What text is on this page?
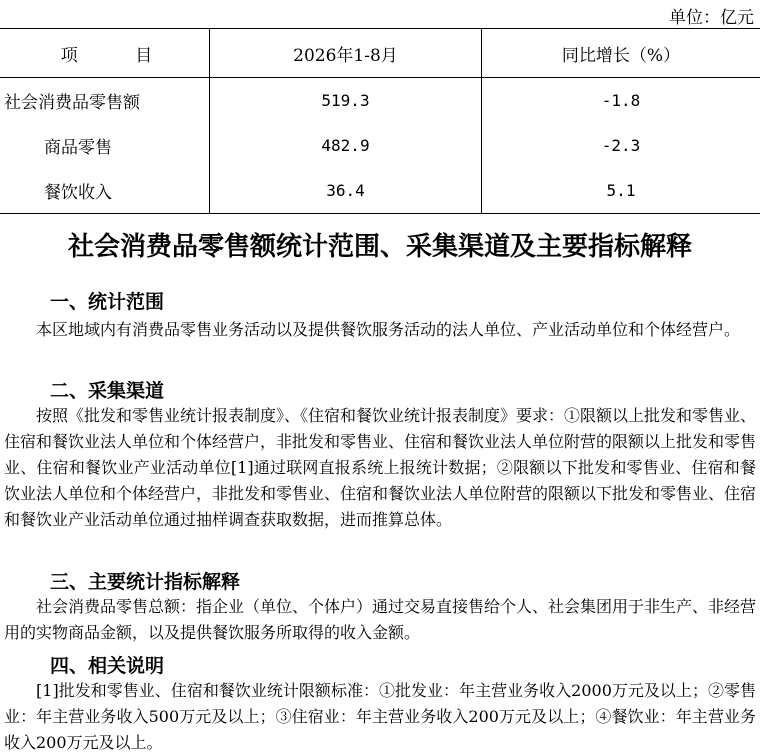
单位：亿元
项 目	2026年1-8月	同比增长（%）
社会消费品零售额	519.3	-1.8
商品零售	482.9	-2.3
餐饮收入	36.4	5.1
社会消费品零售额统计范围、采集渠道及主要指标解释
一、统计范围
　　本区地域内有消费品零售业务活动以及提供餐饮服务活动的法人单位、产业活动单位和个体经营户。
二、采集渠道
　　按照《批发和零售业统计报表制度》、《住宿和餐饮业统计报表制度》要求：①限额以上批发和零售业、住宿和餐饮业法人单位和个体经营户，非批发和零售业、住宿和餐饮业法人单位附营的限额以上批发和零售业、住宿和餐饮业产业活动单位[1]通过联网直报系统上报统计数据；②限额以下批发和零售业、住宿和餐饮业法人单位和个体经营户，非批发和零售业、住宿和餐饮业法人单位附营的限额以下批发和零售业、住宿和餐饮业产业活动单位通过抽样调查获取数据，进而推算总体。
三、主要统计指标解释
　　社会消费品零售总额：指企业（单位、个体户）通过交易直接售给个人、社会集团用于非生产、非经营用的实物商品金额，以及提供餐饮服务所取得的收入金额。
四、相关说明
　　[1]批发和零售业、住宿和餐饮业统计限额标准：①批发业：年主营业务收入2000万元及以上；②零售业：年主营业务收入500万元及以上；③住宿业：年主营业务收入200万元及以上；④餐饮业：年主营业务收入200万元及以上。
